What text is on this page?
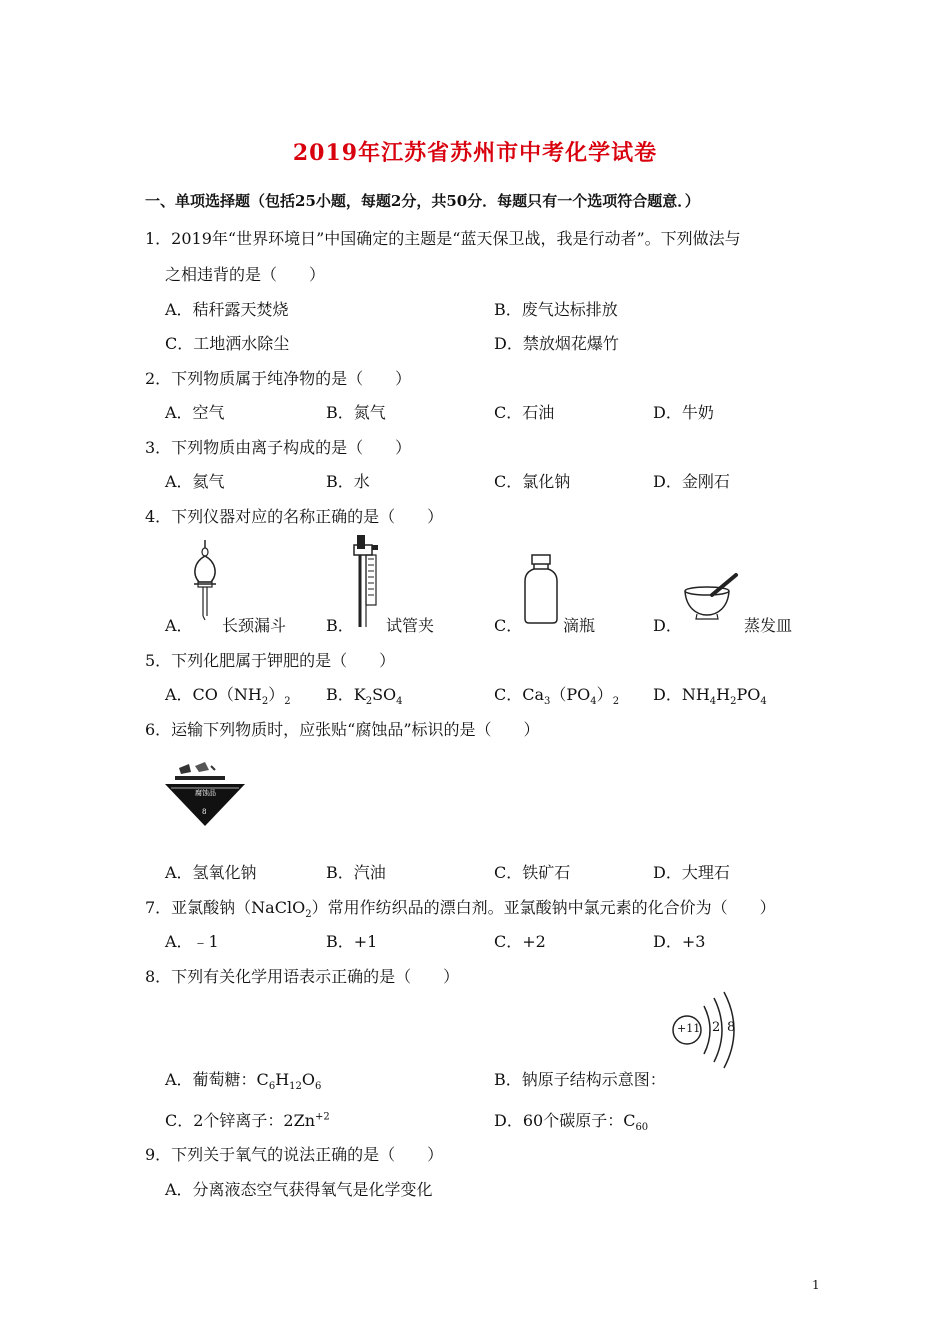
2019年江苏省苏州市中考化学试卷
一、单项选择题（包括25小题，每题2分，共50分．每题只有一个选项符合题意．）
1．2019年“世界环境日”中国确定的主题是“蓝天保卫战，我是行动者”。下列做法与
之相违背的是（　　）
A．秸秆露天焚烧	B．废气达标排放
C．工地洒水除尘	D．禁放烟花爆竹
2．下列物质属于纯净物的是（　　）
A．空气	B．氮气	C．石油	D．牛奶
3．下列物质由离子构成的是（　　）
A．氦气	B．水	C．氯化钠	D．金刚石
4．下列仪器对应的名称正确的是（　　）
A． 长颈漏斗 B． 试管夹	C．	滴瓶	D．	蒸发皿
5．下列化肥属于钾肥的是（　　）
A．$CO(NH_2)_2$ B．$K_2SO_4$	C．$Ca_3(PO_4)_2$ D．$NH_4H_2PO_4$
6．运输下列物质时，应张贴“腐蚀品”标识的是（　　）
腐蚀品
8
A．氢氧化钠	B．汽油	C．铁矿石	D．大理石
7．亚氯酸钠（NaClO$_2$）常用作纺织品的漂白剂。亚氯酸钠中氯元素的化合价为（　　）
A．﹣1	B．+1	C．+2	D．+3
8．下列有关化学用语表示正确的是（　　）
+11 2 8
A．葡萄糖：$C_6H_{12}O_6$	B．钠原子结构示意图：
C．2个锌离子：$2Zn^{+2}$	D．60个碳原子：$C_{60}$
9．下列关于氧气的说法正确的是（　　）
A．分离液态空气获得氧气是化学变化
1
